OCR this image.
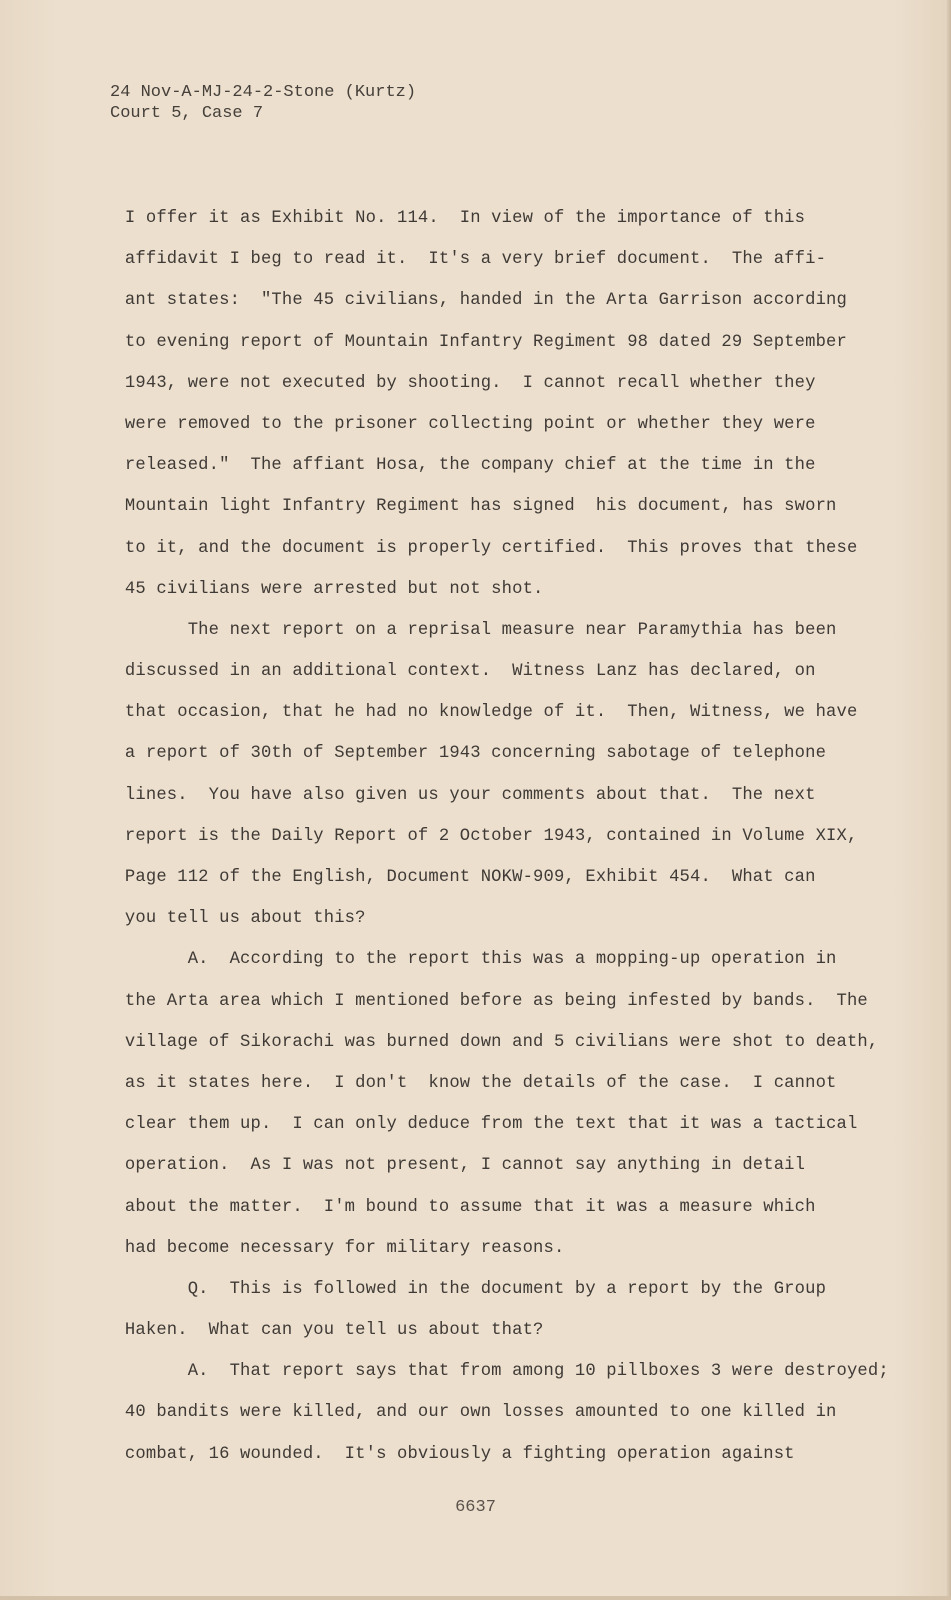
24 Nov-A-MJ-24-2-Stone (Kurtz)
Court 5, Case 7
I offer it as Exhibit No. 114.  In view of the importance of this
affidavit I beg to read it.  It's a very brief document.  The affi-
ant states:  "The 45 civilians, handed in the Arta Garrison according
to evening report of Mountain Infantry Regiment 98 dated 29 September
1943, were not executed by shooting.  I cannot recall whether they
were removed to the prisoner collecting point or whether they were
released."  The affiant Hosa, the company chief at the time in the
Mountain light Infantry Regiment has signed  his document, has sworn
to it, and the document is properly certified.  This proves that these
45 civilians were arrested but not shot.
The next report on a reprisal measure near Paramythia has been
discussed in an additional context.  Witness Lanz has declared, on
that occasion, that he had no knowledge of it.  Then, Witness, we have
a report of 30th of September 1943 concerning sabotage of telephone
lines.  You have also given us your comments about that.  The next
report is the Daily Report of 2 October 1943, contained in Volume XIX,
Page 112 of the English, Document NOKW-909, Exhibit 454.  What can
you tell us about this?
A.  According to the report this was a mopping-up operation in
the Arta area which I mentioned before as being infested by bands.  The
village of Sikorachi was burned down and 5 civilians were shot to death,
as it states here.  I don't  know the details of the case.  I cannot
clear them up.  I can only deduce from the text that it was a tactical
operation.  As I was not present, I cannot say anything in detail
about the matter.  I'm bound to assume that it was a measure which
had become necessary for military reasons.
Q.  This is followed in the document by a report by the Group
Haken.  What can you tell us about that?
A.  That report says that from among 10 pillboxes 3 were destroyed;
40 bandits were killed, and our own losses amounted to one killed in
combat, 16 wounded.  It's obviously a fighting operation against
6637
